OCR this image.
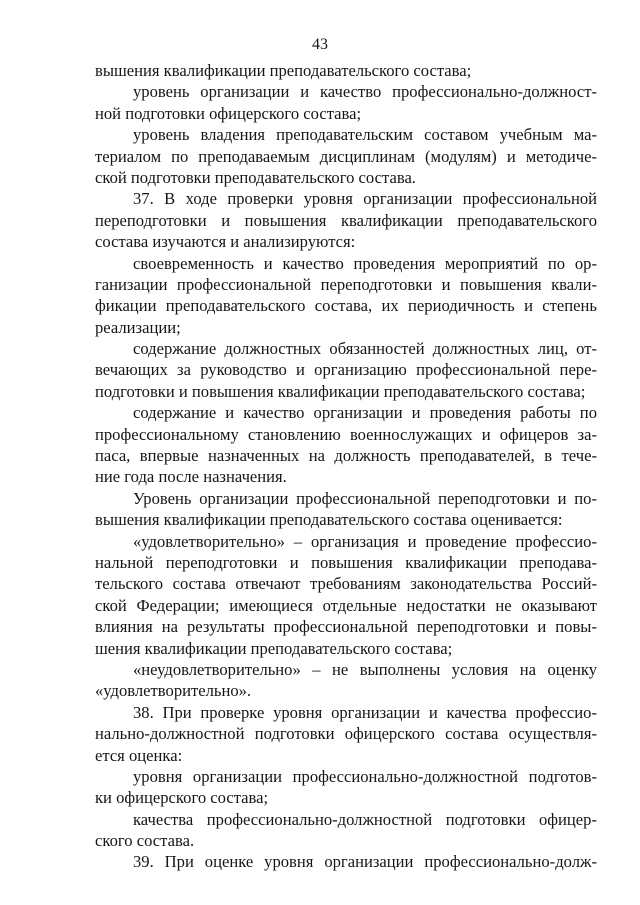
43
вышения квалификации преподавательского состава;
уровень организации и качество профессионально-должност-
ной подготовки офицерского состава;
уровень владения преподавательским составом учебным ма-
териалом по преподаваемым дисциплинам (модулям) и методиче-
ской подготовки преподавательского состава.
37. В ходе проверки уровня организации профессиональной
переподготовки и повышения квалификации преподавательского
состава изучаются и анализируются:
своевременность и качество проведения мероприятий по ор-
ганизации профессиональной переподготовки и повышения квали-
фикации преподавательского состава, их периодичность и степень
реализации;
содержание должностных обязанностей должностных лиц, от-
вечающих за руководство и организацию профессиональной пере-
подготовки и повышения квалификации преподавательского состава;
содержание и качество организации и проведения работы по
профессиональному становлению военнослужащих и офицеров за-
паса, впервые назначенных на должность преподавателей, в тече-
ние года после назначения.
Уровень организации профессиональной переподготовки и по-
вышения квалификации преподавательского состава оценивается:
«удовлетворительно» – организация и проведение профессио-
нальной переподготовки и повышения квалификации преподава-
тельского состава отвечают требованиям законодательства Россий-
ской Федерации; имеющиеся отдельные недостатки не оказывают
влияния на результаты профессиональной переподготовки и повы-
шения квалификации преподавательского состава;
«неудовлетворительно» – не выполнены условия на оценку
«удовлетворительно».
38. При проверке уровня организации и качества профессио-
нально-должностной подготовки офицерского состава осуществля-
ется оценка:
уровня организации профессионально-должностной подготов-
ки офицерского состава;
качества профессионально-должностной подготовки офицер-
ского состава.
39. При оценке уровня организации профессионально-долж-
